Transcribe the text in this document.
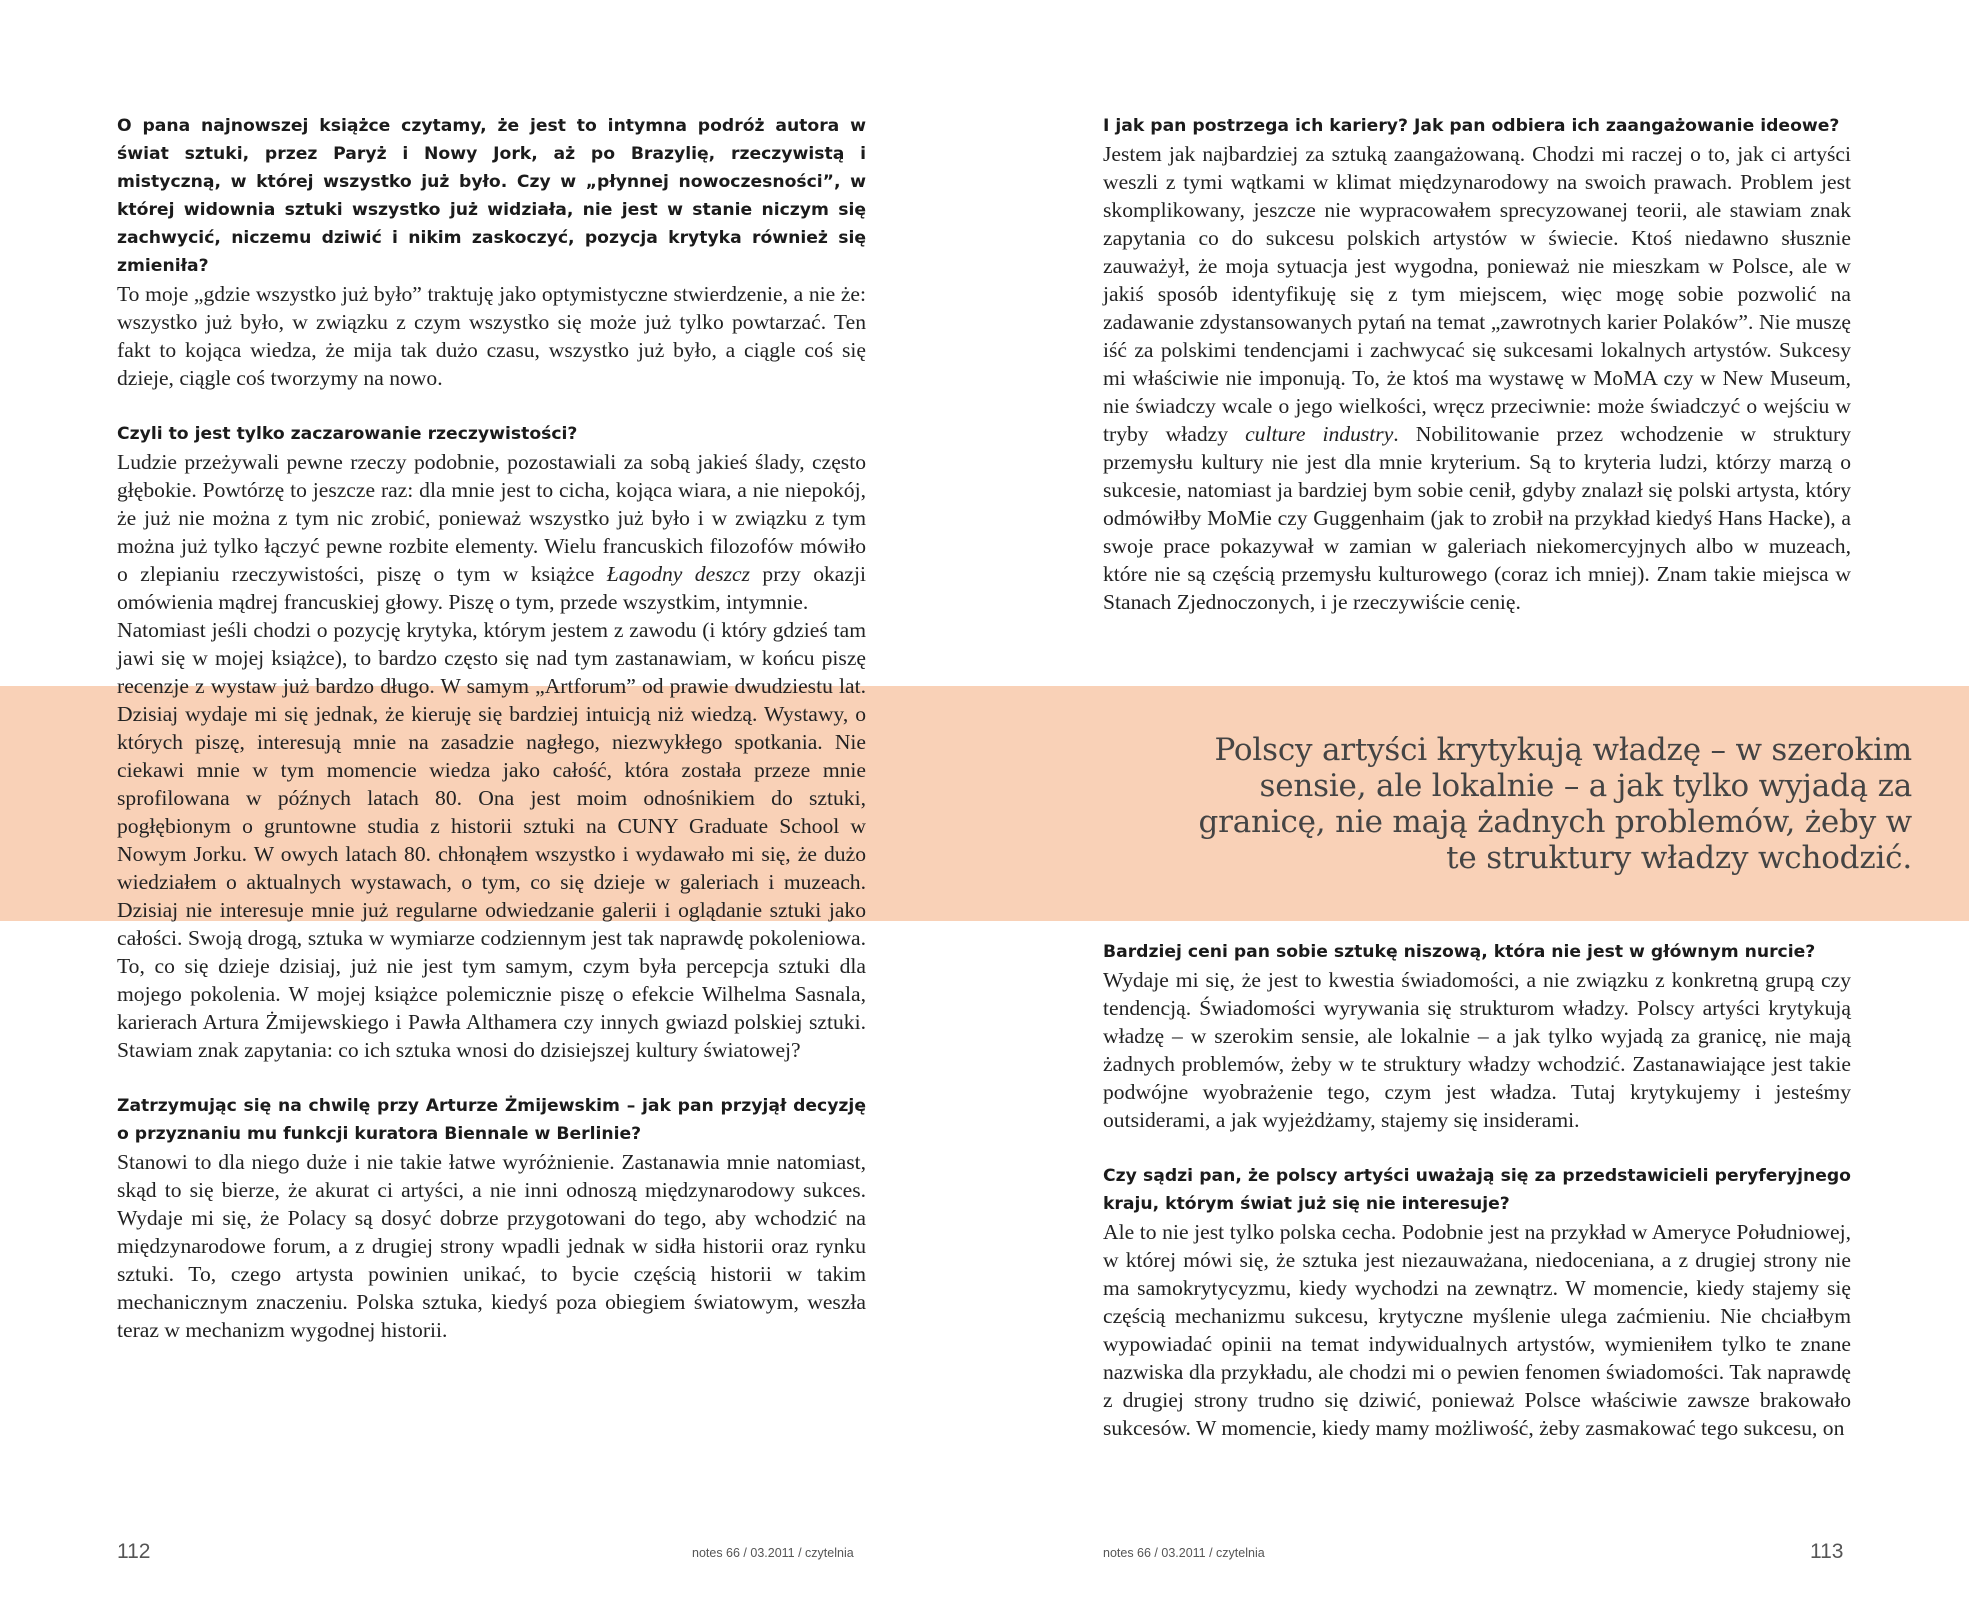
O pana najnowszej książce czytamy, że jest to intymna podróż autora w świat sztuki, przez Paryż i Nowy Jork, aż po Brazylię, rzeczywistą i mistyczną, w której wszystko już było. Czy w „płynnej nowoczesności”, w której widownia sztuki wszystko już widziała, nie jest w stanie niczym się zachwycić, niczemu dziwić i nikim zaskoczyć, pozycja krytyka również się zmieniła?

To moje „gdzie wszystko już było” traktuję jako optymistyczne stwierdzenie, a nie że: wszystko już było, w związku z czym wszystko się może już tylko powtarzać. Ten fakt to kojąca wiedza, że mija tak dużo czasu, wszystko już było, a ciągle coś się dzieje, ciągle coś tworzymy na nowo.

Czyli to jest tylko zaczarowanie rzeczywistości?

Ludzie przeżywali pewne rzeczy podobnie, pozostawiali za sobą jakieś ślady, często głębokie. Powtórzę to jeszcze raz: dla mnie jest to cicha, kojąca wiara, a nie niepokój, że już nie można z tym nic zrobić, ponieważ wszystko już było i w związku z tym można już tylko łączyć pewne rozbite elementy. Wielu francuskich filozofów mówiło o zlepianiu rzeczywistości, piszę o tym w książce Łagodny deszcz przy okazji omówienia mądrej francuskiej głowy. Piszę o tym, przede wszystkim, intymnie.

Natomiast jeśli chodzi o pozycję krytyka, którym jestem z zawodu (i który gdzieś tam jawi się w mojej książce), to bardzo często się nad tym zastanawiam, w końcu piszę recenzje z wystaw już bardzo długo. W samym „Artforum” od prawie dwudziestu lat. Dzisiaj wydaje mi się jednak, że kieruję się bardziej intuicją niż wiedzą. Wystawy, o których piszę, interesują mnie na zasadzie nagłego, niezwykłego spotkania. Nie ciekawi mnie w tym momencie wiedza jako całość, która została przeze mnie sprofilowana w późnych latach 80. Ona jest moim odnośnikiem do sztuki, pogłębionym o gruntowne studia z historii sztuki na CUNY Graduate School w Nowym Jorku. W owych latach 80. chłonąłem wszystko i wydawało mi się, że dużo wiedziałem o aktualnych wystawach, o tym, co się dzieje w galeriach i muzeach. Dzisiaj nie interesuje mnie już regularne odwiedzanie galerii i oglądanie sztuki jako całości. Swoją drogą, sztuka w wymiarze codziennym jest tak naprawdę pokoleniowa. To, co się dzieje dzisiaj, już nie jest tym samym, czym była percepcja sztuki dla mojego pokolenia. W mojej książce polemicznie piszę o efekcie Wilhelma Sasnala, karierach Artura Żmijewskiego i Pawła Althamera czy innych gwiazd polskiej sztuki. Stawiam znak zapytania: co ich sztuka wnosi do dzisiejszej kultury światowej?

Zatrzymując się na chwilę przy Arturze Żmijewskim – jak pan przyjął decyzję o przyznaniu mu funkcji kuratora Biennale w Berlinie?

Stanowi to dla niego duże i nie takie łatwe wyróżnienie. Zastanawia mnie natomiast, skąd to się bierze, że akurat ci artyści, a nie inni odnoszą międzynarodowy sukces. Wydaje mi się, że Polacy są dosyć dobrze przygotowani do tego, aby wchodzić na międzynarodowe forum, a z drugiej strony wpadli jednak w sidła historii oraz rynku sztuki. To, czego artysta powinien unikać, to bycie częścią historii w takim mechanicznym znaczeniu. Polska sztuka, kiedyś poza obiegiem światowym, weszła teraz w mechanizm wygodnej historii.

I jak pan postrzega ich kariery? Jak pan odbiera ich zaangażowanie ideowe?

Jestem jak najbardziej za sztuką zaangażowaną. Chodzi mi raczej o to, jak ci artyści weszli z tymi wątkami w klimat międzynarodowy na swoich prawach. Problem jest skomplikowany, jeszcze nie wypracowałem sprecyzowanej teorii, ale stawiam znak zapytania co do sukcesu polskich artystów w świecie. Ktoś niedawno słusznie zauważył, że moja sytuacja jest wygodna, ponieważ nie mieszkam w Polsce, ale w jakiś sposób identyfikuję się z tym miejscem, więc mogę sobie pozwolić na zadawanie zdystansowanych pytań na temat „zawrotnych karier Polaków”. Nie muszę iść za polskimi tendencjami i zachwycać się sukcesami lokalnych artystów. Sukcesy mi właściwie nie imponują. To, że ktoś ma wystawę w MoMA czy w New Museum, nie świadczy wcale o jego wielkości, wręcz przeciwnie: może świadczyć o wejściu w tryby władzy culture industry. Nobilitowanie przez wchodzenie w struktury przemysłu kultury nie jest dla mnie kryterium. Są to kryteria ludzi, którzy marzą o sukcesie, natomiast ja bardziej bym sobie cenił, gdyby znalazł się polski artysta, który odmówiłby MoMie czy Guggenhaim (jak to zrobił na przykład kiedyś Hans Hacke), a swoje prace pokazywał w zamian w galeriach niekomercyjnych albo w muzeach, które nie są częścią przemysłu kulturowego (coraz ich mniej). Znam takie miejsca w Stanach Zjednoczonych, i je rzeczywiście cenię.

Polscy artyści krytykują władzę – w szerokim sensie, ale lokalnie – a jak tylko wyjadą za granicę, nie mają żadnych problemów, żeby w te struktury władzy wchodzić.

Bardziej ceni pan sobie sztukę niszową, która nie jest w głównym nurcie?

Wydaje mi się, że jest to kwestia świadomości, a nie związku z konkretną grupą czy tendencją. Świadomości wyrywania się strukturom władzy. Polscy artyści krytykują władzę – w szerokim sensie, ale lokalnie – a jak tylko wyjadą za granicę, nie mają żadnych problemów, żeby w te struktury władzy wchodzić. Zastanawiające jest takie podwójne wyobrażenie tego, czym jest władza. Tutaj krytykujemy i jesteśmy outsiderami, a jak wyjeżdżamy, stajemy się insiderami.

Czy sądzi pan, że polscy artyści uważają się za przedstawicieli peryferyjnego kraju, którym świat już się nie interesuje?

Ale to nie jest tylko polska cecha. Podobnie jest na przykład w Ameryce Południowej, w której mówi się, że sztuka jest niezauważana, niedoceniana, a z drugiej strony nie ma samokrytycyzmu, kiedy wychodzi na zewnątrz. W momencie, kiedy stajemy się częścią mechanizmu sukcesu, krytyczne myślenie ulega zaćmieniu. Nie chciałbym wypowiadać opinii na temat indywidualnych artystów, wymieniłem tylko te znane nazwiska dla przykładu, ale chodzi mi o pewien fenomen świadomości. Tak naprawdę z drugiej strony trudno się dziwić, ponieważ Polsce właściwie zawsze brakowało sukcesów. W momencie, kiedy mamy możliwość, żeby zasmakować tego sukcesu, on

112	notes 66 / 03.2011 / czytelnia	notes 66 / 03.2011 / czytelnia	113
